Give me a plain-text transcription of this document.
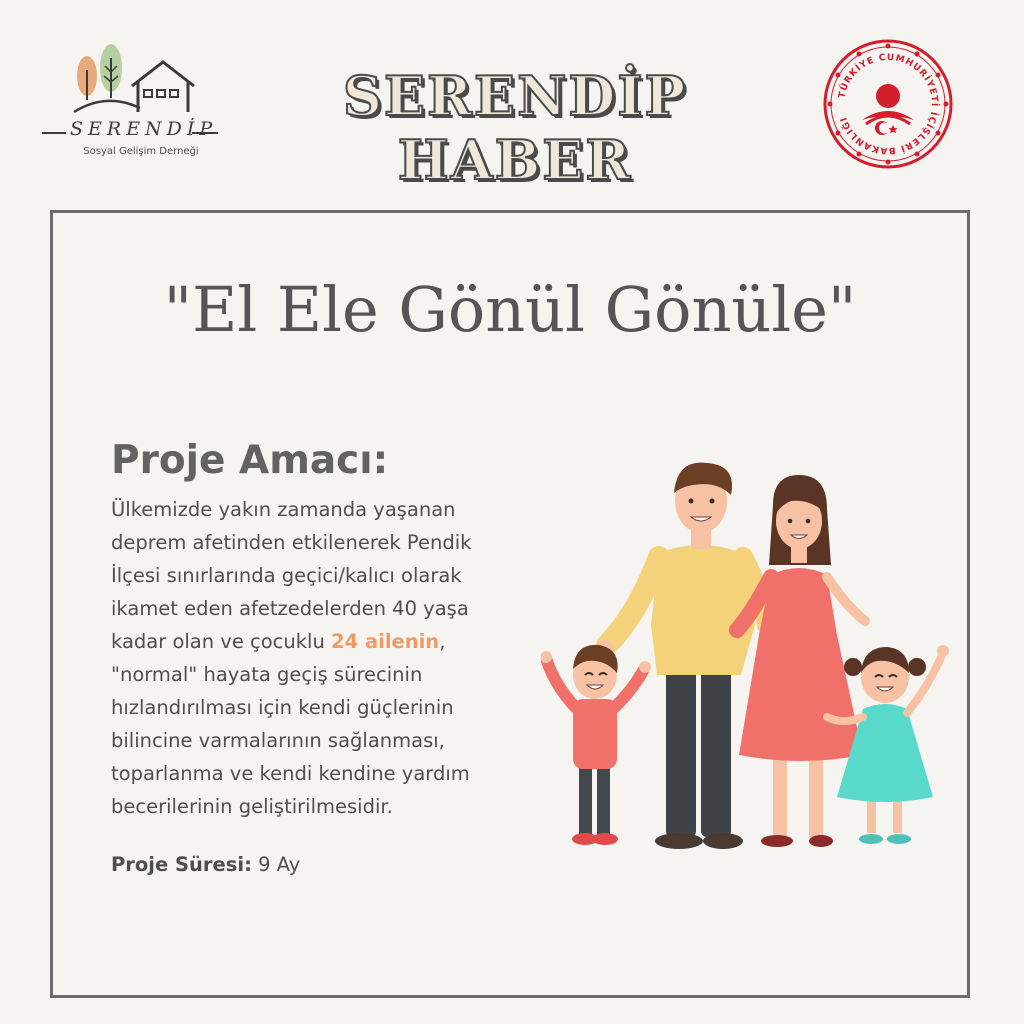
SERENDİP
Sosyal Gelişim Derneği
SERENDİP HABER
TÜRKİYE CUMHURİYETİ İÇİŞLERİ BAKANLIĞI
"El Ele Gönül Gönüle"
Proje Amacı:
Ülkemizde yakın zamanda yaşanan
deprem afetinden etkilenerek Pendik
İlçesi sınırlarında geçici/kalıcı olarak
ikamet eden afetzedelerden 40 yaşa
kadar olan ve çocuklu 24 ailenin,
"normal" hayata geçiş sürecinin
hızlandırılması için kendi güçlerinin
bilincine varmalarının sağlanması,
toparlanma ve kendi kendine yardım
becerilerinin geliştirilmesidir.
Proje Süresi: 9 Ay
